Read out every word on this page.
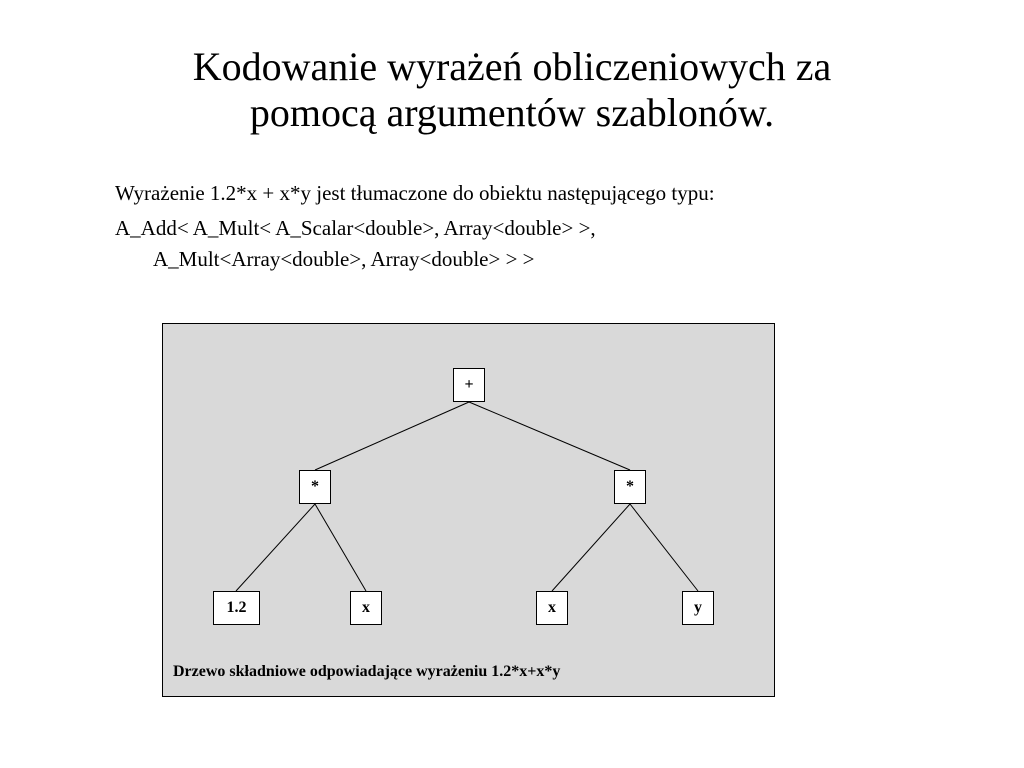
Kodowanie wyrażeń obliczeniowych za
pomocą argumentów szablonów.

Wyrażenie 1.2*x + x*y jest tłumaczone do obiektu następującego typu:

A_Add< A_Mult< A_Scalar<double>, Array<double> >,

A_Mult<Array<double>, Array<double> > >

+
*	*
1.2	x	x	y
Drzewo składniowe odpowiadające wyrażeniu 1.2*x+x*y
